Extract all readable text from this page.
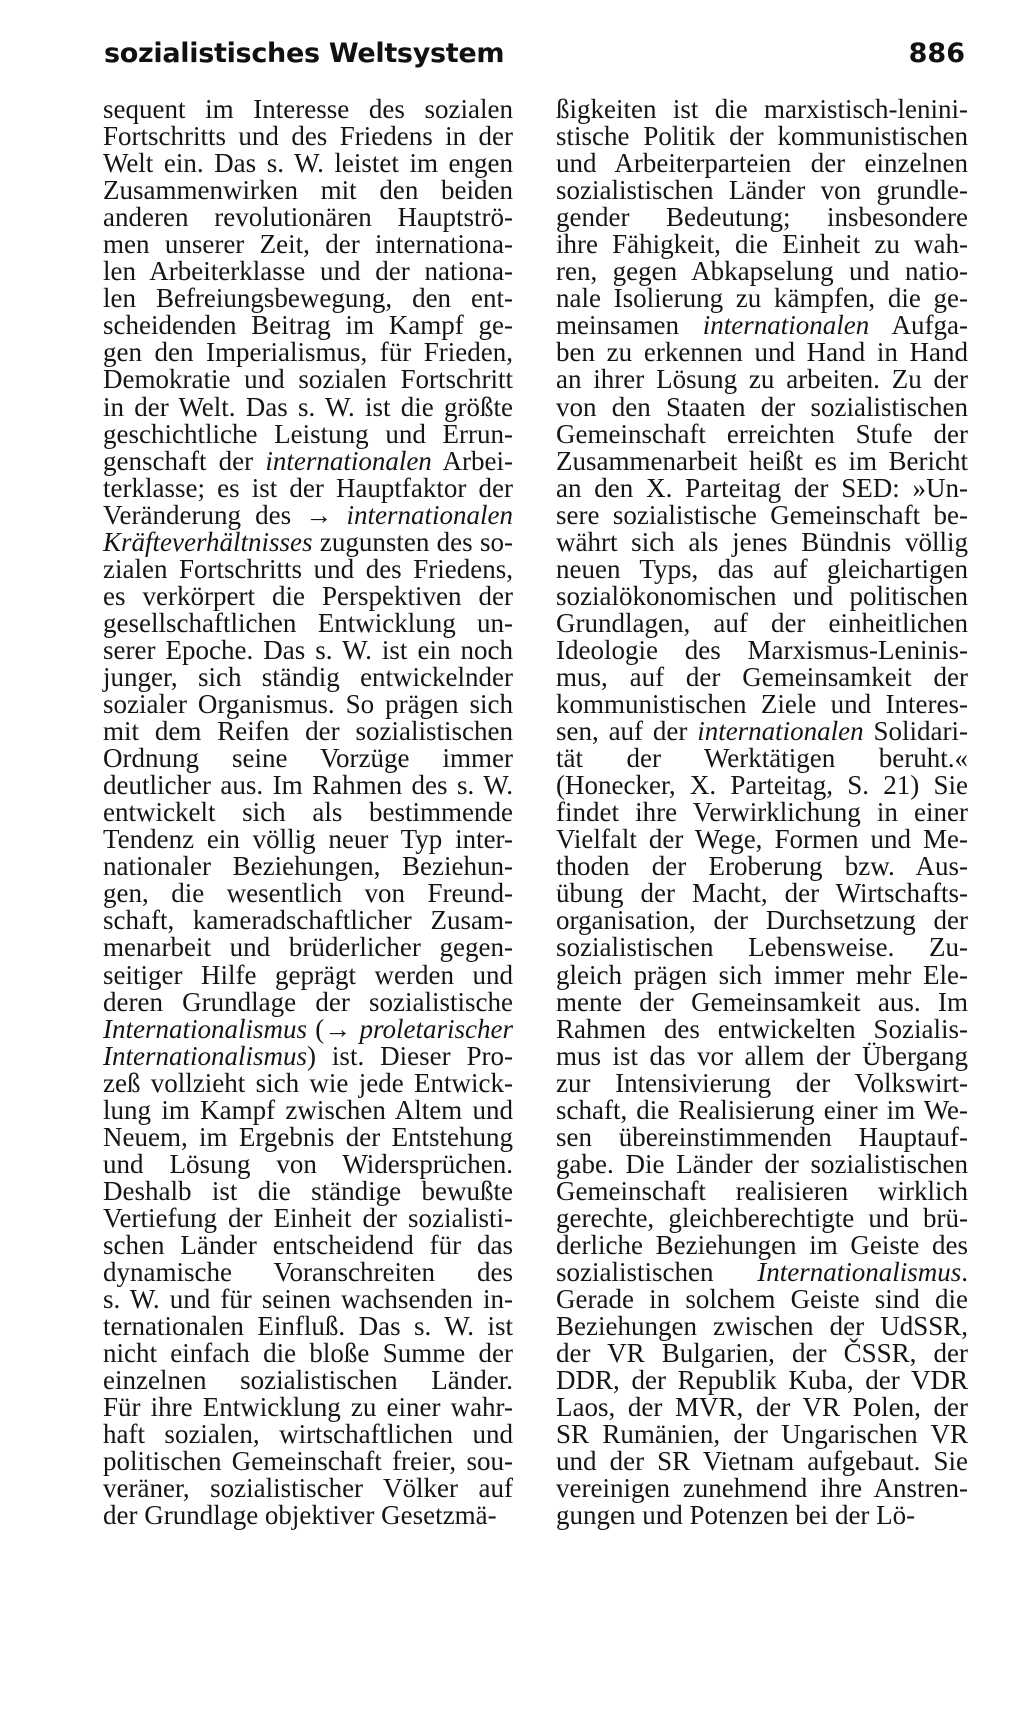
sozialistisches Weltsystem	886
sequent im Interesse des sozialen
Fortschritts und des Friedens in der
Welt ein. Das s. W. leistet im engen
Zusammenwirken mit den beiden
anderen revolutionären Hauptströ-
men unserer Zeit, der internationa-
len Arbeiterklasse und der nationa-
len Befreiungsbewegung, den ent-
scheidenden Beitrag im Kampf ge-
gen den Imperialismus, für Frieden,
Demokratie und sozialen Fortschritt
in der Welt. Das s. W. ist die größte
geschichtliche Leistung und Errun-
genschaft der internationalen Arbei-
terklasse; es ist der Hauptfaktor der
Veränderung des → internationalen
Kräfteverhältnisses zugunsten des so-
zialen Fortschritts und des Friedens,
es verkörpert die Perspektiven der
gesellschaftlichen Entwicklung un-
serer Epoche. Das s. W. ist ein noch
junger, sich ständig entwickelnder
sozialer Organismus. So prägen sich
mit dem Reifen der sozialistischen
Ordnung seine Vorzüge immer
deutlicher aus. Im Rahmen des s. W.
entwickelt sich als bestimmende
Tendenz ein völlig neuer Typ inter-
nationaler Beziehungen, Beziehun-
gen, die wesentlich von Freund-
schaft, kameradschaftlicher Zusam-
menarbeit und brüderlicher gegen-
seitiger Hilfe geprägt werden und
deren Grundlage der sozialistische
Internationalismus (→ proletarischer
Internationalismus) ist. Dieser Pro-
zeß vollzieht sich wie jede Entwick-
lung im Kampf zwischen Altem und
Neuem, im Ergebnis der Entstehung
und Lösung von Widersprüchen.
Deshalb ist die ständige bewußte
Vertiefung der Einheit der sozialisti-
schen Länder entscheidend für das
dynamische Voranschreiten des
s. W. und für seinen wachsenden in-
ternationalen Einfluß. Das s. W. ist
nicht einfach die bloße Summe der
einzelnen sozialistischen Länder.
Für ihre Entwicklung zu einer wahr-
haft sozialen, wirtschaftlichen und
politischen Gemeinschaft freier, sou-
veräner, sozialistischer Völker auf
der Grundlage objektiver Gesetzmä-
ßigkeiten ist die marxistisch-lenini-
stische Politik der kommunistischen
und Arbeiterparteien der einzelnen
sozialistischen Länder von grundle-
gender Bedeutung; insbesondere
ihre Fähigkeit, die Einheit zu wah-
ren, gegen Abkapselung und natio-
nale Isolierung zu kämpfen, die ge-
meinsamen internationalen Aufga-
ben zu erkennen und Hand in Hand
an ihrer Lösung zu arbeiten. Zu der
von den Staaten der sozialistischen
Gemeinschaft erreichten Stufe der
Zusammenarbeit heißt es im Bericht
an den X. Parteitag der SED: »Un-
sere sozialistische Gemeinschaft be-
währt sich als jenes Bündnis völlig
neuen Typs, das auf gleichartigen
sozialökonomischen und politischen
Grundlagen, auf der einheitlichen
Ideologie des Marxismus-Leninis-
mus, auf der Gemeinsamkeit der
kommunistischen Ziele und Interes-
sen, auf der internationalen Solidari-
tät der Werktätigen beruht.«
(Honecker, X. Parteitag, S. 21) Sie
findet ihre Verwirklichung in einer
Vielfalt der Wege, Formen und Me-
thoden der Eroberung bzw. Aus-
übung der Macht, der Wirtschafts-
organisation, der Durchsetzung der
sozialistischen Lebensweise. Zu-
gleich prägen sich immer mehr Ele-
mente der Gemeinsamkeit aus. Im
Rahmen des entwickelten Sozialis-
mus ist das vor allem der Übergang
zur Intensivierung der Volkswirt-
schaft, die Realisierung einer im We-
sen übereinstimmenden Hauptauf-
gabe. Die Länder der sozialistischen
Gemeinschaft realisieren wirklich
gerechte, gleichberechtigte und brü-
derliche Beziehungen im Geiste des
sozialistischen Internationalismus.
Gerade in solchem Geiste sind die
Beziehungen zwischen der UdSSR,
der VR Bulgarien, der ČSSR, der
DDR, der Republik Kuba, der VDR
Laos, der MVR, der VR Polen, der
SR Rumänien, der Ungarischen VR
und der SR Vietnam aufgebaut. Sie
vereinigen zunehmend ihre Anstren-
gungen und Potenzen bei der Lö-
